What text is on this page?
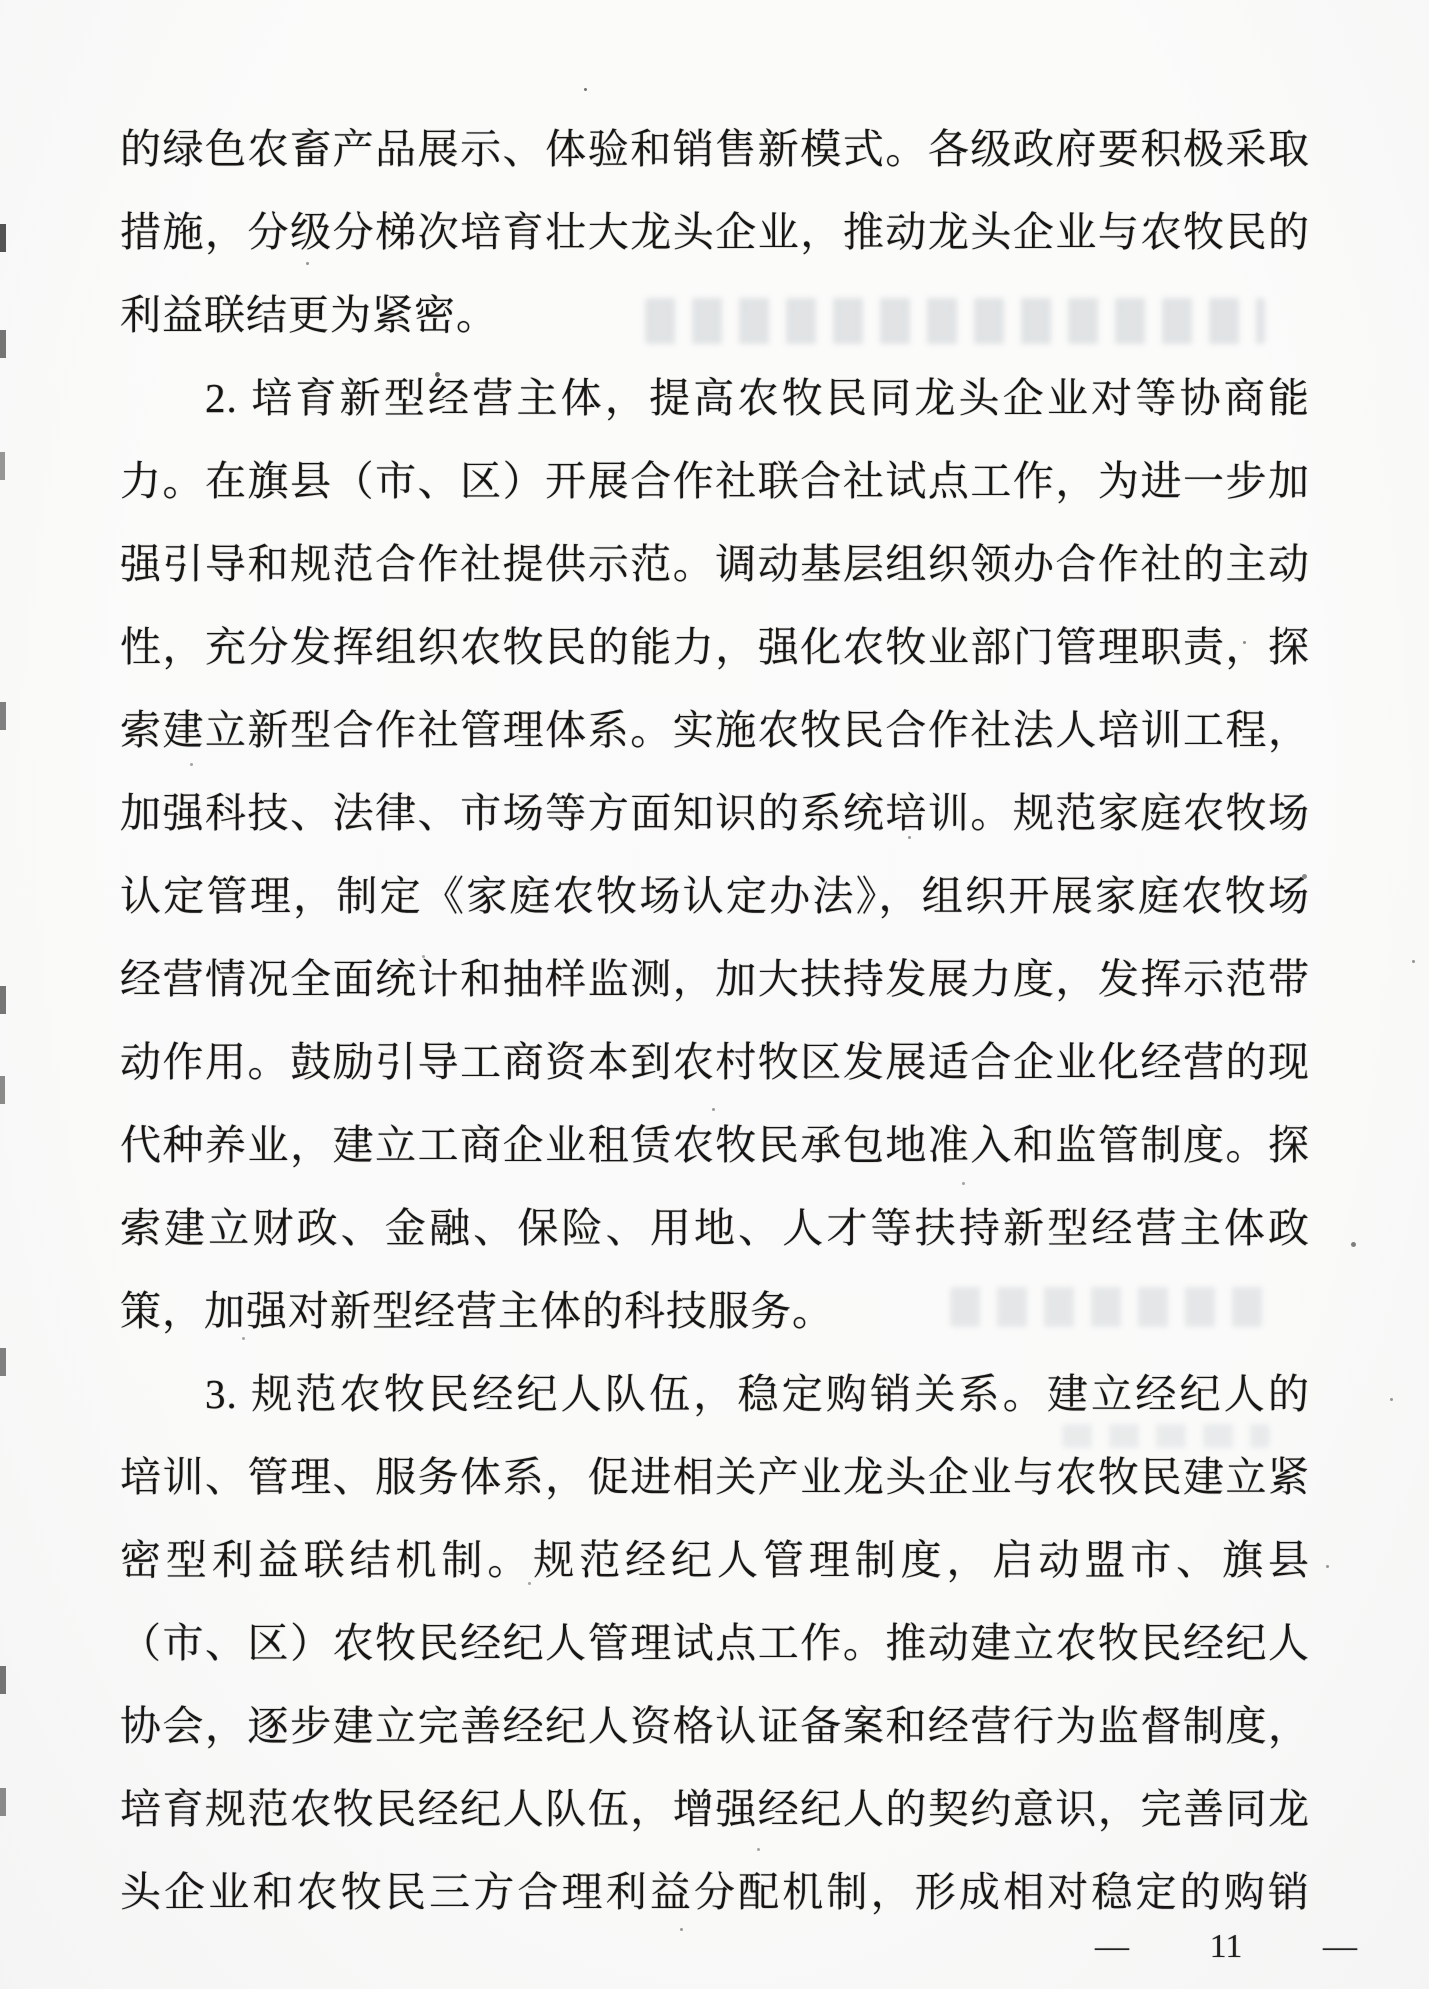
的绿色农畜产品展示、体验和销售新模式。各级政府要积极采取
措施，分级分梯次培育壮大龙头企业，推动龙头企业与农牧民的
利益联结更为紧密。
2. 培育新型经营主体，提高农牧民同龙头企业对等协商能
力。在旗县（市、区）开展合作社联合社试点工作，为进一步加
强引导和规范合作社提供示范。调动基层组织领办合作社的主动
性，充分发挥组织农牧民的能力，强化农牧业部门管理职责，探
索建立新型合作社管理体系。实施农牧民合作社法人培训工程，
加强科技、法律、市场等方面知识的系统培训。规范家庭农牧场
认定管理，制定《家庭农牧场认定办法》，组织开展家庭农牧场
经营情况全面统计和抽样监测，加大扶持发展力度，发挥示范带
动作用。鼓励引导工商资本到农村牧区发展适合企业化经营的现
代种养业，建立工商企业租赁农牧民承包地准入和监管制度。探
索建立财政、金融、保险、用地、人才等扶持新型经营主体政
策，加强对新型经营主体的科技服务。
3. 规范农牧民经纪人队伍，稳定购销关系。建立经纪人的
培训、管理、服务体系，促进相关产业龙头企业与农牧民建立紧
密型利益联结机制。规范经纪人管理制度，启动盟市、旗县
（市、区）农牧民经纪人管理试点工作。推动建立农牧民经纪人
协会，逐步建立完善经纪人资格认证备案和经营行为监督制度，
培育规范农牧民经纪人队伍，增强经纪人的契约意识，完善同龙
头企业和农牧民三方合理利益分配机制，形成相对稳定的购销
— 11 —
